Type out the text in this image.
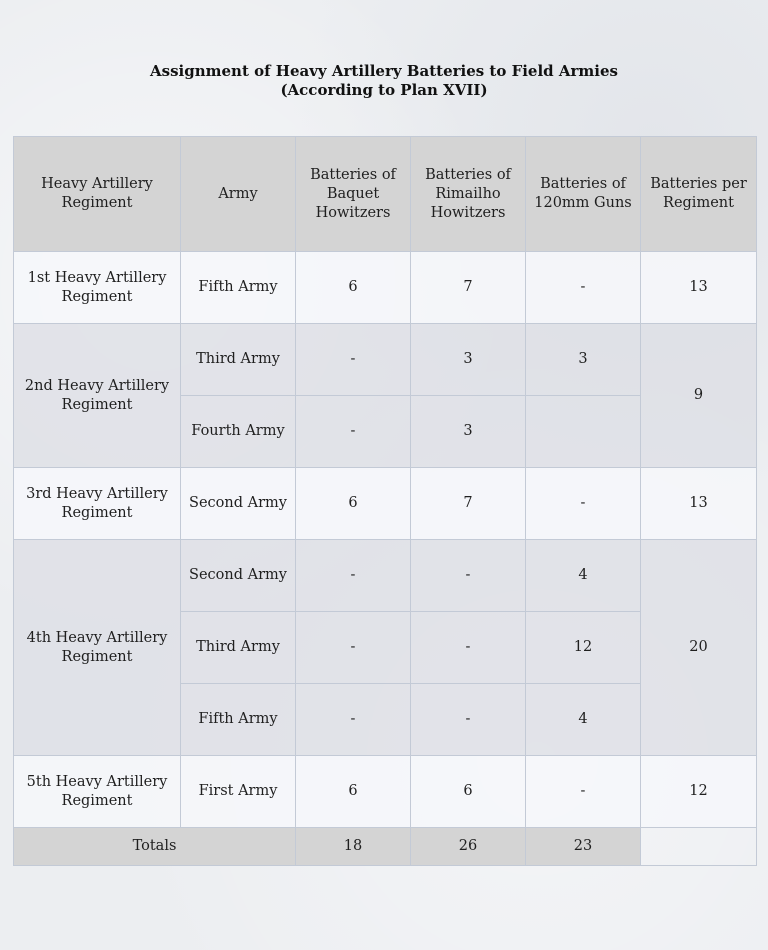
Assignment of Heavy Artillery Batteries to Field Armies
(According to Plan XVII)
Heavy Artillery Regiment	Army	Batteries of Baquet Howitzers	Batteries of Rimailho Howitzers	Batteries of 120mm Guns	Batteries per Regiment
1st Heavy Artillery Regiment	Fifth Army	6	7	-	13
2nd Heavy Artillery Regiment	Third Army	-	3	3	9
	Fourth Army	-	3		
3rd Heavy Artillery Regiment	Second Army	6	7	-	13
4th Heavy Artillery Regiment	Second Army	-	-	4	20
	Third Army	-	-	12	
	Fifth Army	-	-	4	
5th Heavy Artillery Regiment	First Army	6	6	-	12
Totals		18	26	23	
